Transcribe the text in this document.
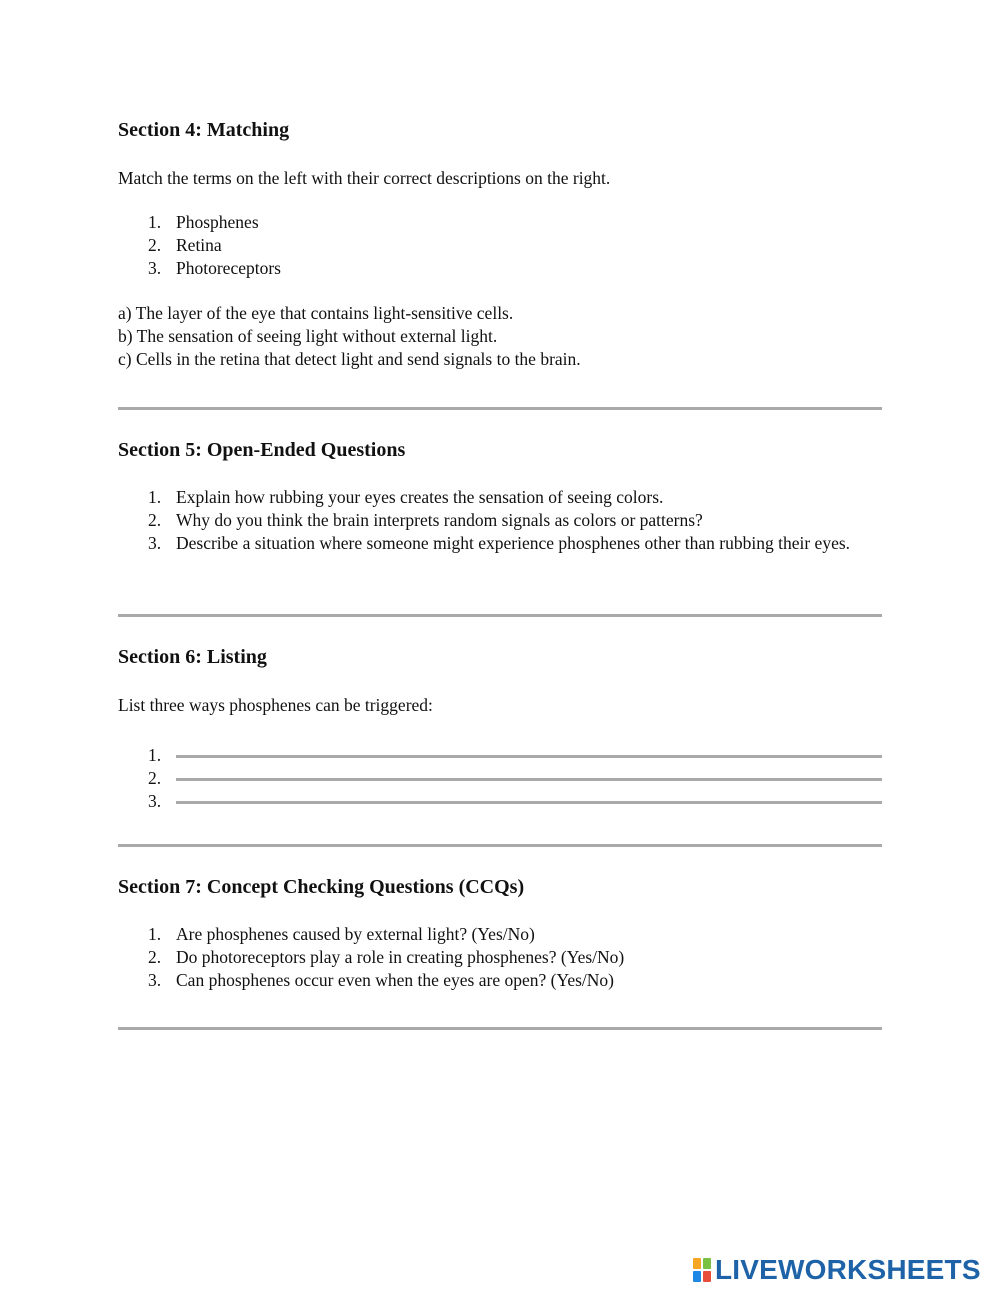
Section 4: Matching
Match the terms on the left with their correct descriptions on the right.
1. Phosphenes
2. Retina
3. Photoreceptors
a) The layer of the eye that contains light-sensitive cells.
b) The sensation of seeing light without external light.
c) Cells in the retina that detect light and send signals to the brain.
Section 5: Open-Ended Questions
1. Explain how rubbing your eyes creates the sensation of seeing colors.
2. Why do you think the brain interprets random signals as colors or patterns?
3. Describe a situation where someone might experience phosphenes other than rubbing their eyes.
Section 6: Listing
List three ways phosphenes can be triggered:
1.

2.

3.

Section 7: Concept Checking Questions (CCQs)
1. Are phosphenes caused by external light? (Yes/No)
2. Do photoreceptors play a role in creating phosphenes? (Yes/No)
3. Can phosphenes occur even when the eyes are open? (Yes/No)
LIVEWORKSHEETS
